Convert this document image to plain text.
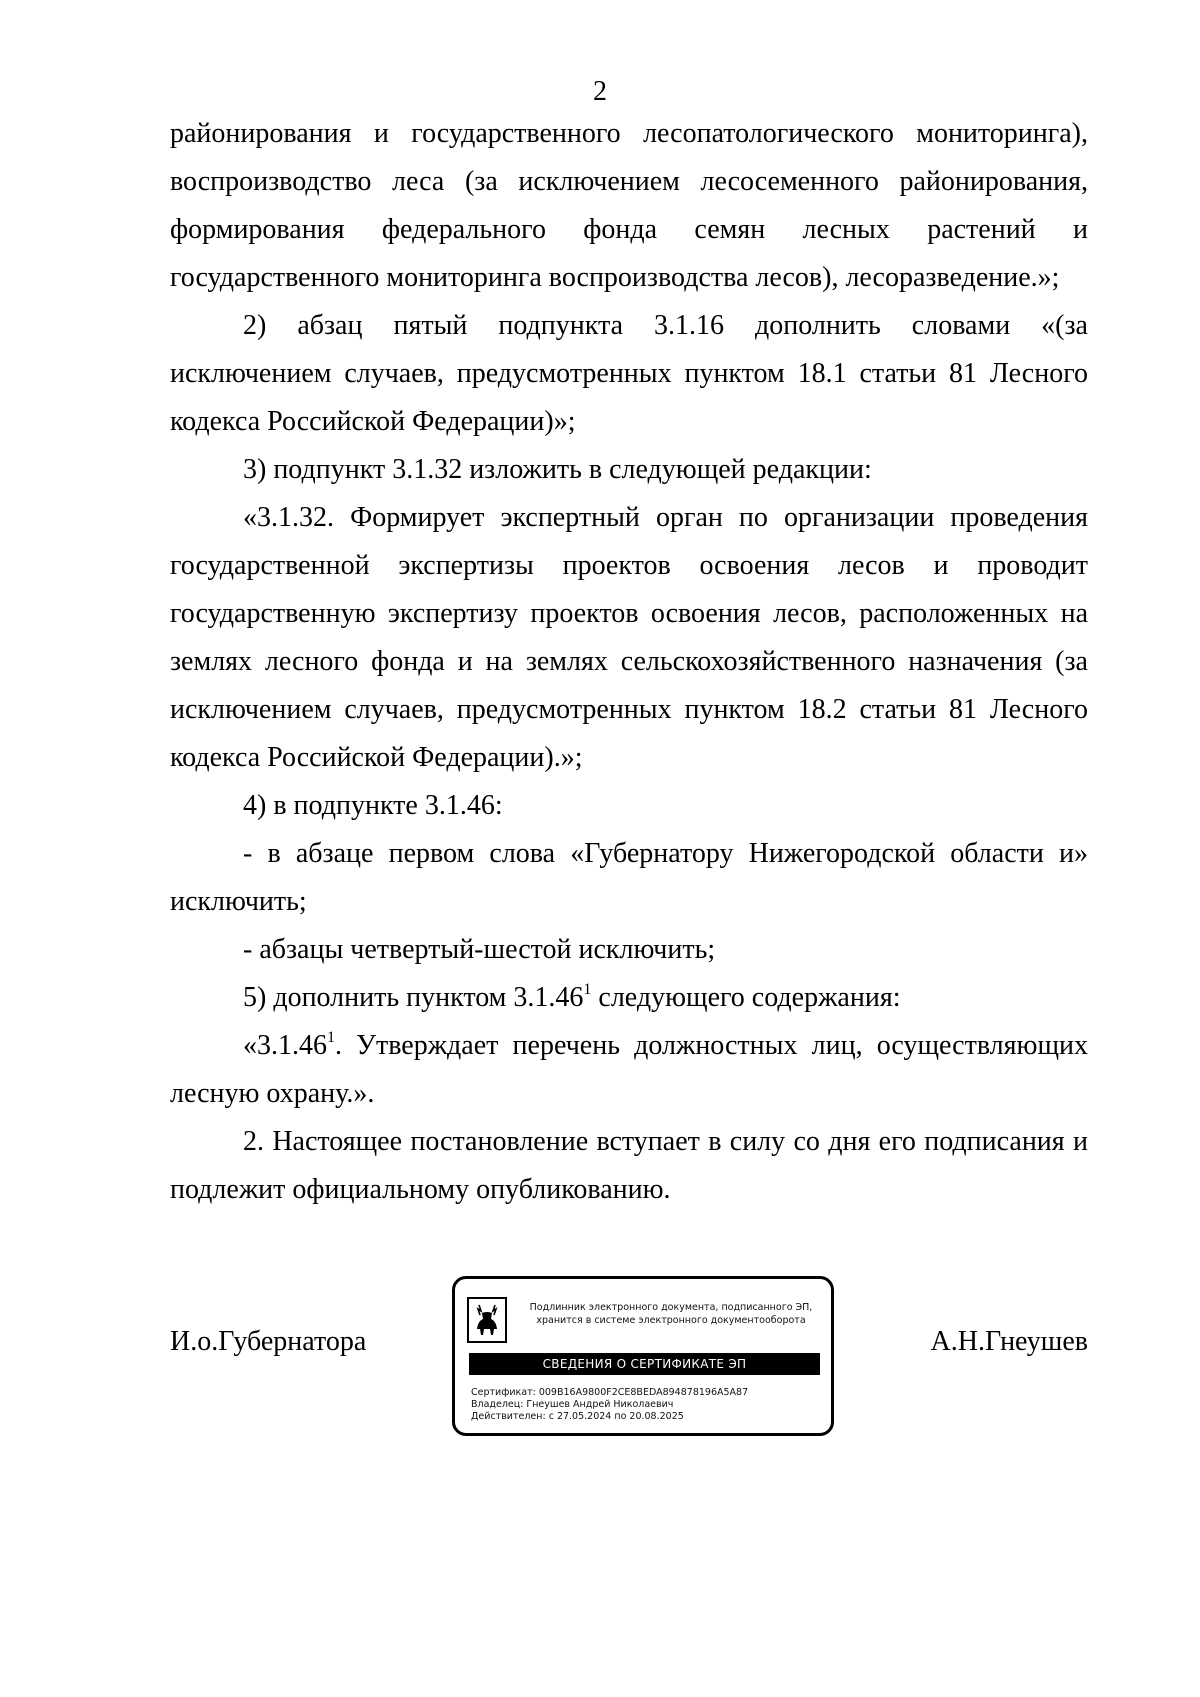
2

районирования и государственного лесопатологического мониторинга), воспроизводство леса (за исключением лесосеменного районирования, формирования федерального фонда семян лесных растений и государственного мониторинга воспроизводства лесов), лесоразведение.»;

2) абзац пятый подпункта 3.1.16 дополнить словами «(за исключением случаев, предусмотренных пунктом 18.1 статьи 81 Лесного кодекса Российской Федерации)»;

3) подпункт 3.1.32 изложить в следующей редакции:

«3.1.32. Формирует экспертный орган по организации проведения государственной экспертизы проектов освоения лесов и проводит государственную экспертизу проектов освоения лесов, расположенных на землях лесного фонда и на землях сельскохозяйственного назначения (за исключением случаев, предусмотренных пунктом 18.2 статьи 81 Лесного кодекса Российской Федерации).»;

4) в подпункте 3.1.46:

- в абзаце первом слова «Губернатору Нижегородской области и» исключить;

- абзацы четвертый-шестой исключить;

5) дополнить пунктом 3.1.46$^1$ следующего содержания:

«3.1.46$^1$. Утверждает перечень должностных лиц, осуществляющих лесную охрану.».

2. Настоящее постановление вступает в силу со дня его подписания и подлежит официальному опубликованию.

И.о.Губернатора
Подлинник электронного документа, подписанного ЭП, хранится в системе электронного документооборота
СВЕДЕНИЯ О СЕРТИФИКАТЕ ЭП
Сертификат: 009B16A9800F2CE8BEDA894878196A5A87
Владелец: Гнеушев Андрей Николаевич
Действителен: с 27.05.2024 по 20.08.2025
А.Н.Гнеушев
